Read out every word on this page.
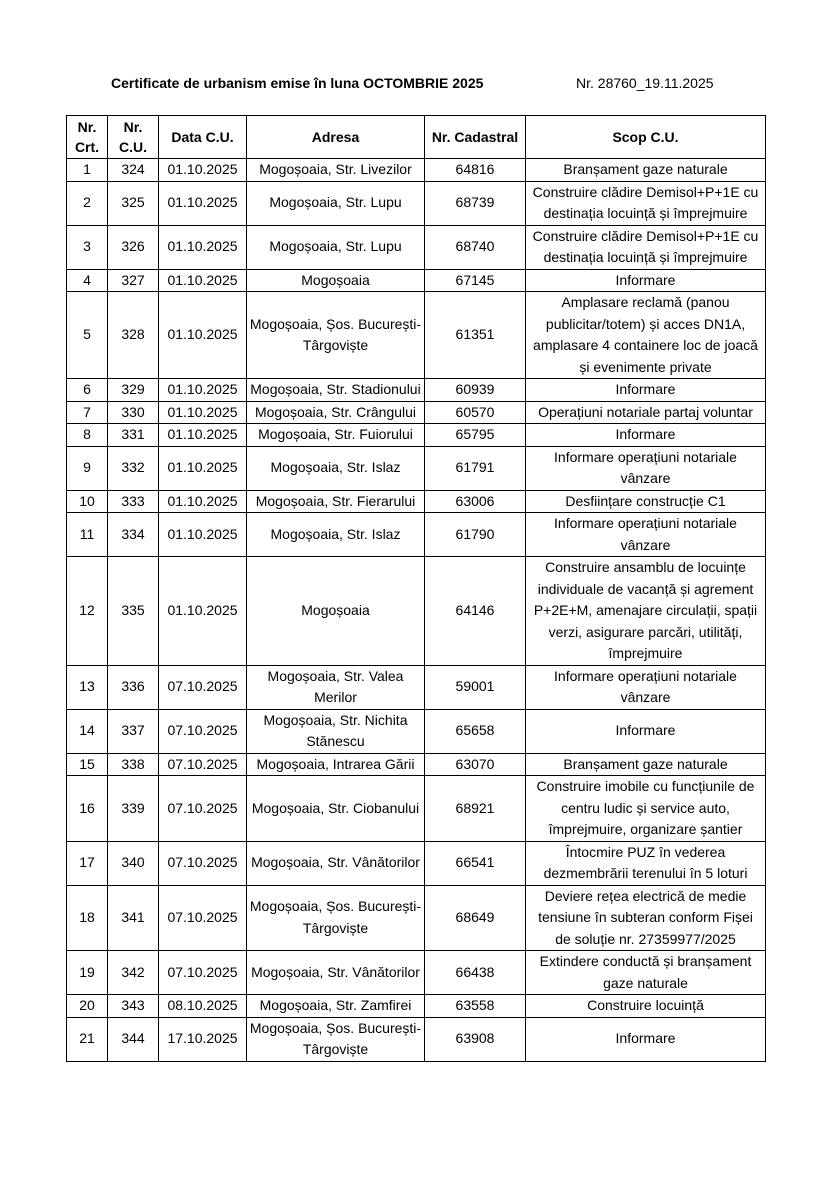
Certificate de urbanism emise în luna OCTOMBRIE 2025	Nr. 28760_19.11.2025
Nr. Crt.	Nr. C.U.	Data C.U.	Adresa	Nr. Cadastral	Scop C.U.
1	324	01.10.2025	Mogoșoaia, Str. Livezilor	64816	Branșament gaze naturale
2	325	01.10.2025	Mogoșoaia, Str. Lupu	68739	Construire clădire Demisol+P+1E cu destinația locuință și împrejmuire
3	326	01.10.2025	Mogoșoaia, Str. Lupu	68740	Construire clădire Demisol+P+1E cu destinația locuință și împrejmuire
4	327	01.10.2025	Mogoșoaia	67145	Informare
5	328	01.10.2025	Mogoșoaia, Șos. București-Târgoviște	61351	Amplasare reclamă (panou publicitar/totem) și acces DN1A, amplasare 4 containere loc de joacă și evenimente private
6	329	01.10.2025	Mogoșoaia, Str. Stadionului	60939	Informare
7	330	01.10.2025	Mogoșoaia, Str. Crângului	60570	Operațiuni notariale partaj voluntar
8	331	01.10.2025	Mogoșoaia, Str. Fuiorului	65795	Informare
9	332	01.10.2025	Mogoșoaia, Str. Islaz	61791	Informare operațiuni notariale vânzare
10	333	01.10.2025	Mogoșoaia, Str. Fierarului	63006	Desființare construcție C1
11	334	01.10.2025	Mogoșoaia, Str. Islaz	61790	Informare operațiuni notariale vânzare
12	335	01.10.2025	Mogoșoaia	64146	Construire ansamblu de locuințe individuale de vacanță și agrement P+2E+M, amenajare circulații, spații verzi, asigurare parcări, utilități, împrejmuire
13	336	07.10.2025	Mogoșoaia, Str. Valea Merilor	59001	Informare operațiuni notariale vânzare
14	337	07.10.2025	Mogoșoaia, Str. Nichita Stănescu	65658	Informare
15	338	07.10.2025	Mogoșoaia, Intrarea Gării	63070	Branșament gaze naturale
16	339	07.10.2025	Mogoșoaia, Str. Ciobanului	68921	Construire imobile cu funcțiunile de centru ludic și service auto, împrejmuire, organizare șantier
17	340	07.10.2025	Mogoșoaia, Str. Vânătorilor	66541	Întocmire PUZ în vederea dezmembrării terenului în 5 loturi
18	341	07.10.2025	Mogoșoaia, Șos. București-Târgoviște	68649	Deviere rețea electrică de medie tensiune în subteran conform Fișei de soluție nr. 27359977/2025
19	342	07.10.2025	Mogoșoaia, Str. Vânătorilor	66438	Extindere conductă și branșament gaze naturale
20	343	08.10.2025	Mogoșoaia, Str. Zamfirei	63558	Construire locuință
21	344	17.10.2025	Mogoșoaia, Șos. București-Târgoviște	63908	Informare
